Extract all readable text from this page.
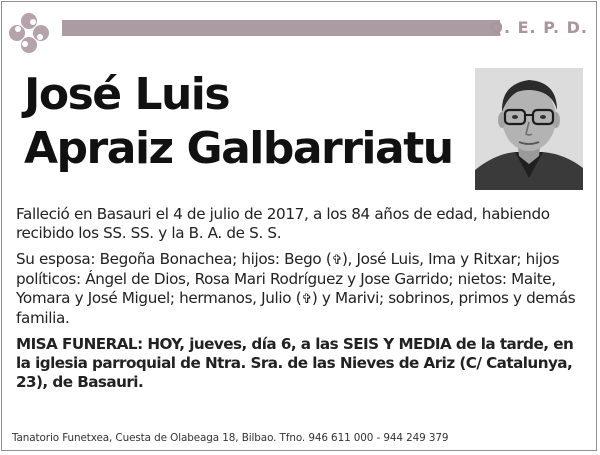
Q. E. P. D.
José Luis
Apraiz Galbarriatu

Falleció en Basauri el 4 de julio de 2017, a los 84 años de edad, habiendo recibido los SS. SS. y la B. A. de S. S.

Su esposa: Begoña Bonachea; hijos: Bego (✞), José Luis, Ima y Ritxar; hijos políticos: Ángel de Dios, Rosa Mari Rodríguez y Jose Garrido; nietos: Maite, Yomara y José Miguel; hermanos, Julio (✞) y Marivi; sobrinos, primos y demás familia.

MISA FUNERAL: HOY, jueves, día 6, a las SEIS Y MEDIA de la tarde, en la iglesia parroquial de Ntra. Sra. de las Nieves de Ariz (C/ Catalunya, 23), de Basauri.

Tanatorio Funetxea, Cuesta de Olabeaga 18, Bilbao. Tfno. 946 611 000 - 944 249 379
